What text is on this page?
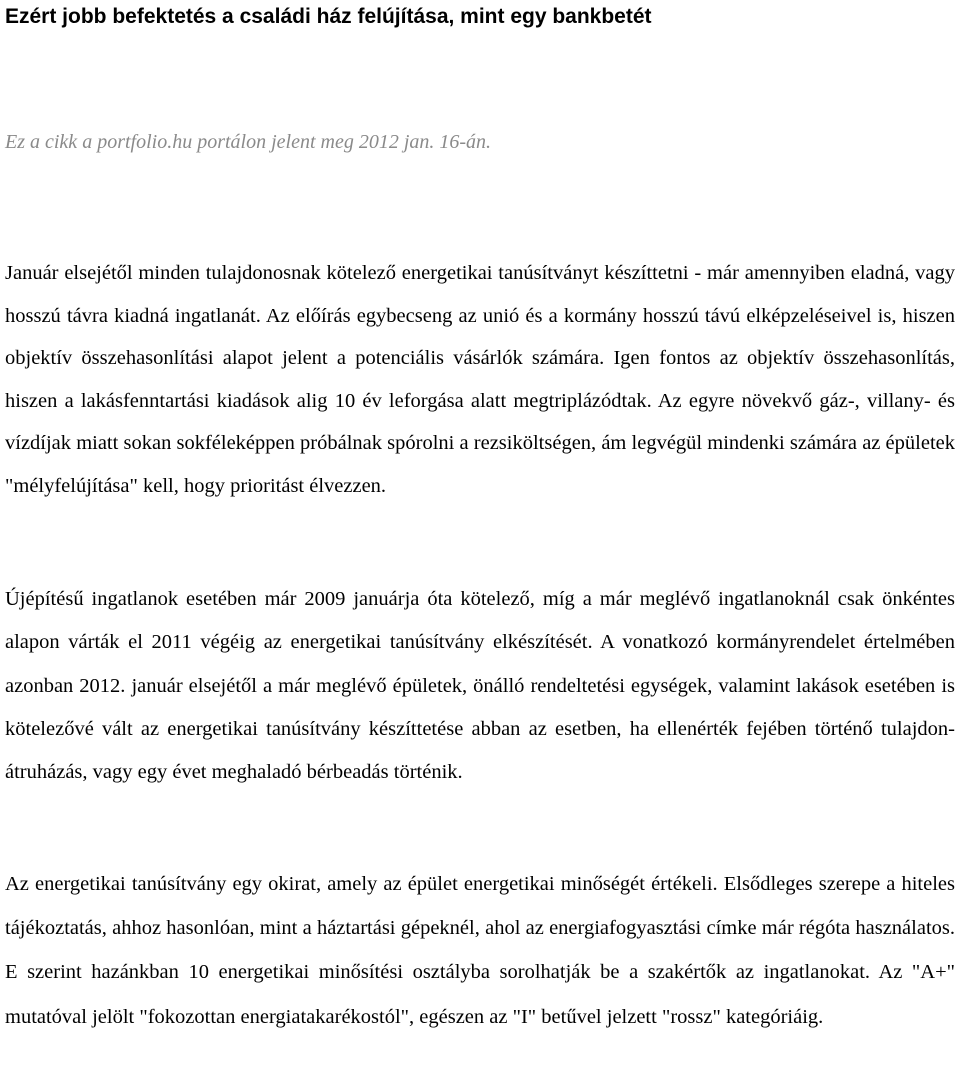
Ezért jobb befektetés a családi ház felújítása, mint egy bankbetét
Ez a cikk a portfolio.hu portálon jelent meg 2012 jan. 16-án.

Január elsejétől minden tulajdonosnak kötelező energetikai tanúsítványt készíttetni - már amennyiben eladná, vagy hosszú távra kiadná ingatlanát. Az előírás egybecseng az unió és a kormány hosszú távú elképzeléseivel is, hiszen objektív összehasonlítási alapot jelent a potenciális vásárlók számára. Igen fontos az objektív összehasonlítás, hiszen a lakásfenntartási kiadások alig 10 év leforgása alatt megtriplázódtak. Az egyre növekvő gáz-, villany- és vízdíjak miatt sokan sokféleképpen próbálnak spórolni a rezsiköltségen, ám legvégül mindenki számára az épületek "mélyfelújítása" kell, hogy prioritást élvezzen.

Újépítésű ingatlanok esetében már 2009 januárja óta kötelező, míg a már meglévő ingatlanoknál csak önkéntes alapon várták el 2011 végéig az energetikai tanúsítvány elkészítését. A vonatkozó kormányrendelet értelmében azonban 2012. január elsejétől a már meglévő épületek, önálló rendeltetési egységek, valamint lakások esetében is kötelezővé vált az energetikai tanúsítvány készíttetése abban az esetben, ha ellenérték fejében történő tulajdon-átruházás, vagy egy évet meghaladó bérbeadás történik.

Az energetikai tanúsítvány egy okirat, amely az épület energetikai minőségét értékeli. Elsődleges szerepe a hiteles tájékoztatás, ahhoz hasonlóan, mint a háztartási gépeknél, ahol az energiafogyasztási címke már régóta használatos. E szerint hazánkban 10 energetikai minősítési osztályba sorolhatják be a szakértők az ingatlanokat. Az "A+" mutatóval jelölt "fokozottan energiatakarékostól", egészen az "I" betűvel jelzett "rossz" kategóriáig.
